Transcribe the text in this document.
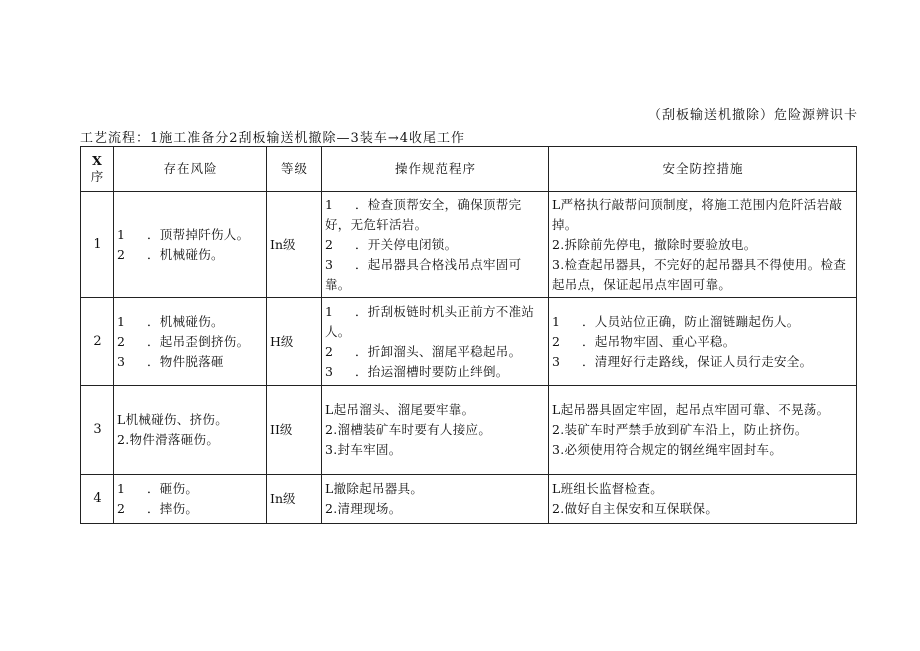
（刮板输送机撤除）危险源辨识卡
工艺流程：1施工准备分2刮板输送机撤除—3装车→4收尾工作
X
序	存在风险	等级	操作规范程序	安全防控措施
1	1 ．顶帮掉阡伤人。
2 ．机械碰伤。	In级	1 ．检查顶帮安全，确保顶帮完好，无危轩活岩。
2 ．开关停电闭锁。
3 ．起吊器具合格浅吊点牢固可靠。	L严格执行敲帮问顶制度，将施工范围内危阡活岩敲掉。
2.拆除前先停电，撤除时要验放电。
3.检查起吊器具，不完好的起吊器具不得使用。检查起吊点，保证起吊点牢固可靠。

2	1 ．机械碰伤。
2 ．起吊歪倒挤伤。
3 ．物件脱落砸	H级	1 ．折刮板链时机头正前方不准站人。
2 ．折卸溜头、溜尾平稳起吊。
3 ．抬运溜槽时要防止绊倒。	1 ．人员站位正确，防止溜链蹦起伤人。
2 ．起吊物牢固、重心平稳。
3 ．清理好行走路线，保证人员行走安全。

3	L机械碰伤、挤伤。
2.物件滑落砸伤。	II级	L起吊溜头、溜尾要牢靠。
2.溜槽装矿车时要有人接应。
3.封车牢固。	L起吊器具固定牢固，起吊点牢固可靠、不晃荡。
2.装矿车时严禁手放到矿车沿上，防止挤伤。
3.必须使用符合规定的钢丝绳牢固封车。

4	1 ．砸伤。
2 ．摔伤。	In级	L撤除起吊器具。
2.清理现场。	L班组长监督检查。
2.做好自主保安和互保联保。
